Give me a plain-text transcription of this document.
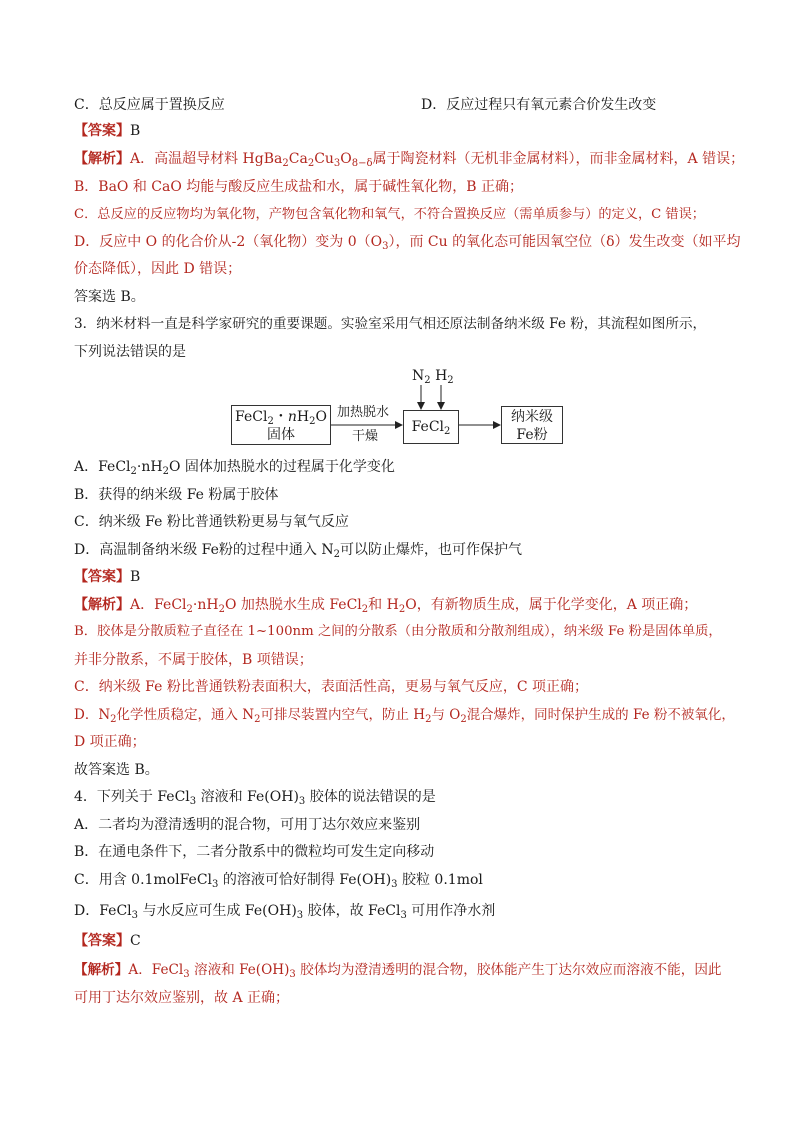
C．总反应属于置换反应	D．反应过程只有氧元素合价发生改变
【答案】B
【解析】A．高温超导材料 $HgBa_2Ca_2Cu_3O_{8-\delta}$属于陶瓷材料（无机非金属材料），而非金属材料，A 错误；
B．BaO 和 CaO 均能与酸反应生成盐和水，属于碱性氧化物，B 正确；
C．总反应的反应物均为氧化物，产物包含氧化物和氧气，不符合置换反应（需单质参与）的定义，C 错误；
D．反应中 O 的化合价从-2（氧化物）变为 $0(O_3)$，而 Cu 的氧化态可能因氧空位（δ）发生改变（如平均
价态降低），因此 D 错误；
答案选 B。
3．纳米材料一直是科学家研究的重要课题。实验室采用气相还原法制备纳米级 Fe 粉，其流程如图所示，
下列说法错误的是
FeCl$_2$・$nH_2O$
固体
加热脱水
干燥
FeCl$_2$
$N_2$ $H_2$
纳米级
Fe粉
A．$FeCl_2\cdot nH_2O$ 固体加热脱水的过程属于化学变化
B．获得的纳米级 Fe 粉属于胶体
C．纳米级 Fe 粉比普通铁粉更易与氧气反应
D．高温制备纳米级 Fe粉的过程中通入 $N_2$可以防止爆炸，也可作保护气
【答案】B
【解析】A．$FeCl_2\cdot nH_2O$ 加热脱水生成 FeCl$_2$和 $H_2O$，有新物质生成，属于化学变化，A 项正确；
B．胶体是分散质粒子直径在 1~100nm 之间的分散系（由分散质和分散剂组成），纳米级 Fe 粉是固体单质，
并非分散系，不属于胶体，B 项错误；
C．纳米级 Fe 粉比普通铁粉表面积大，表面活性高，更易与氧气反应，C 项正确；
D．$N_2$化学性质稳定，通入 $N_2$可排尽装置内空气，防止 $H_2$与 $O_2$混合爆炸，同时保护生成的 Fe 粉不被氧化，
D 项正确；
故答案选 B。
4．下列关于 FeCl$_3$ 溶液和 $Fe(OH)_3$ 胶体的说法错误的是
A．二者均为澄清透明的混合物，可用丁达尔效应来鉴别
B．在通电条件下，二者分散系中的微粒均可发生定向移动
C．用含 0.1molFeCl$_3$ 的溶液可恰好制得 $Fe(OH)_3$ 胶粒 0.1mol
D．FeCl$_3$ 与水反应可生成 $Fe(OH)_3$ 胶体，故 FeCl$_3$ 可用作净水剂
【答案】C
【解析】A．FeCl$_3$ 溶液和 $Fe(OH)_3$ 胶体均为澄清透明的混合物，胶体能产生丁达尔效应而溶液不能，因此
可用丁达尔效应鉴别，故 A 正确；
